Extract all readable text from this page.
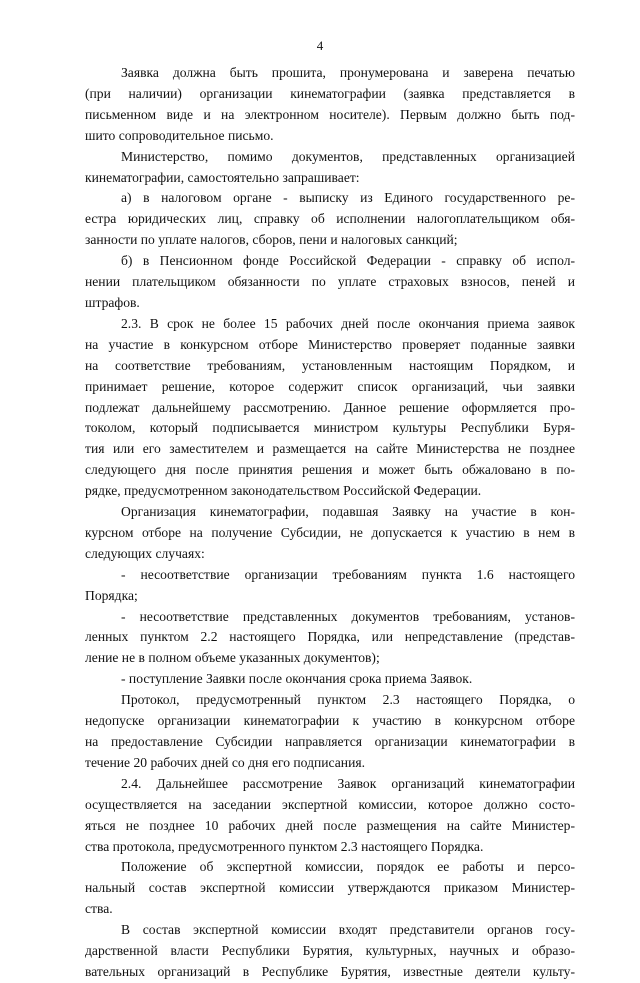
4
Заявка должна быть прошита, пронумерована и заверена печатью
(при наличии) организации кинематографии (заявка представляется в
письменном виде и на электронном носителе). Первым должно быть под-
шито сопроводительное письмо.
Министерство, помимо документов, представленных организацией
кинематографии, самостоятельно запрашивает:
а) в налоговом органе - выписку из Единого государственного ре-
естра юридических лиц, справку об исполнении налогоплательщиком обя-
занности по уплате налогов, сборов, пени и налоговых санкций;
б) в Пенсионном фонде Российской Федерации - справку об испол-
нении плательщиком обязанности по уплате страховых взносов, пеней и
штрафов.
2.3. В срок не более 15 рабочих дней после окончания приема заявок
на участие в конкурсном отборе Министерство проверяет поданные заявки
на соответствие требованиям, установленным настоящим Порядком, и
принимает решение, которое содержит список организаций, чьи заявки
подлежат дальнейшему рассмотрению. Данное решение оформляется про-
токолом, который подписывается министром культуры Республики Буря-
тия или его заместителем и размещается на сайте Министерства не позднее
следующего дня после принятия решения и может быть обжаловано в по-
рядке, предусмотренном законодательством Российской Федерации.
Организация кинематографии, подавшая Заявку на участие в кон-
курсном отборе на получение Субсидии, не допускается к участию в нем в
следующих случаях:
- несоответствие организации требованиям пункта 1.6 настоящего
Порядка;
- несоответствие представленных документов требованиям, установ-
ленных пунктом 2.2 настоящего Порядка, или непредставление (представ-
ление не в полном объеме указанных документов);
- поступление Заявки после окончания срока приема Заявок.
Протокол, предусмотренный пунктом 2.3 настоящего Порядка, о
недопуске организации кинематографии к участию в конкурсном отборе
на предоставление Субсидии направляется организации кинематографии в
течение 20 рабочих дней со дня его подписания.
2.4. Дальнейшее рассмотрение Заявок организаций кинематографии
осуществляется на заседании экспертной комиссии, которое должно состо-
яться не позднее 10 рабочих дней после размещения на сайте Министер-
ства протокола, предусмотренного пунктом 2.3 настоящего Порядка.
Положение об экспертной комиссии, порядок ее работы и персо-
нальный состав экспертной комиссии утверждаются приказом Министер-
ства.
В состав экспертной комиссии входят представители органов госу-
дарственной власти Республики Бурятия, культурных, научных и образо-
вательных организаций в Республике Бурятия, известные деятели культу-
